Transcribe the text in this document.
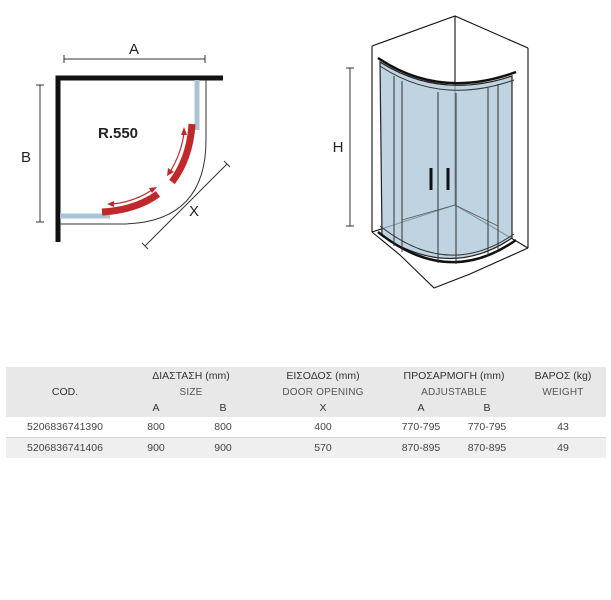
A
B
R.550
X
H
COD.	ΔΙΑΣΤΑΣΗ (mm)		ΕΙΣΟΔΟΣ (mm)	ΠΡΟΣΑΡΜΟΓΗ (mm)		ΒΑΡΟΣ (kg)
	SIZE		DOOR OPENING	ADJUSTABLE		WEIGHT
	A	B	X	A	B	
5206836741390	800	800	400	770-795	770-795	43
5206836741406	900	900	570	870-895	870-895	49
